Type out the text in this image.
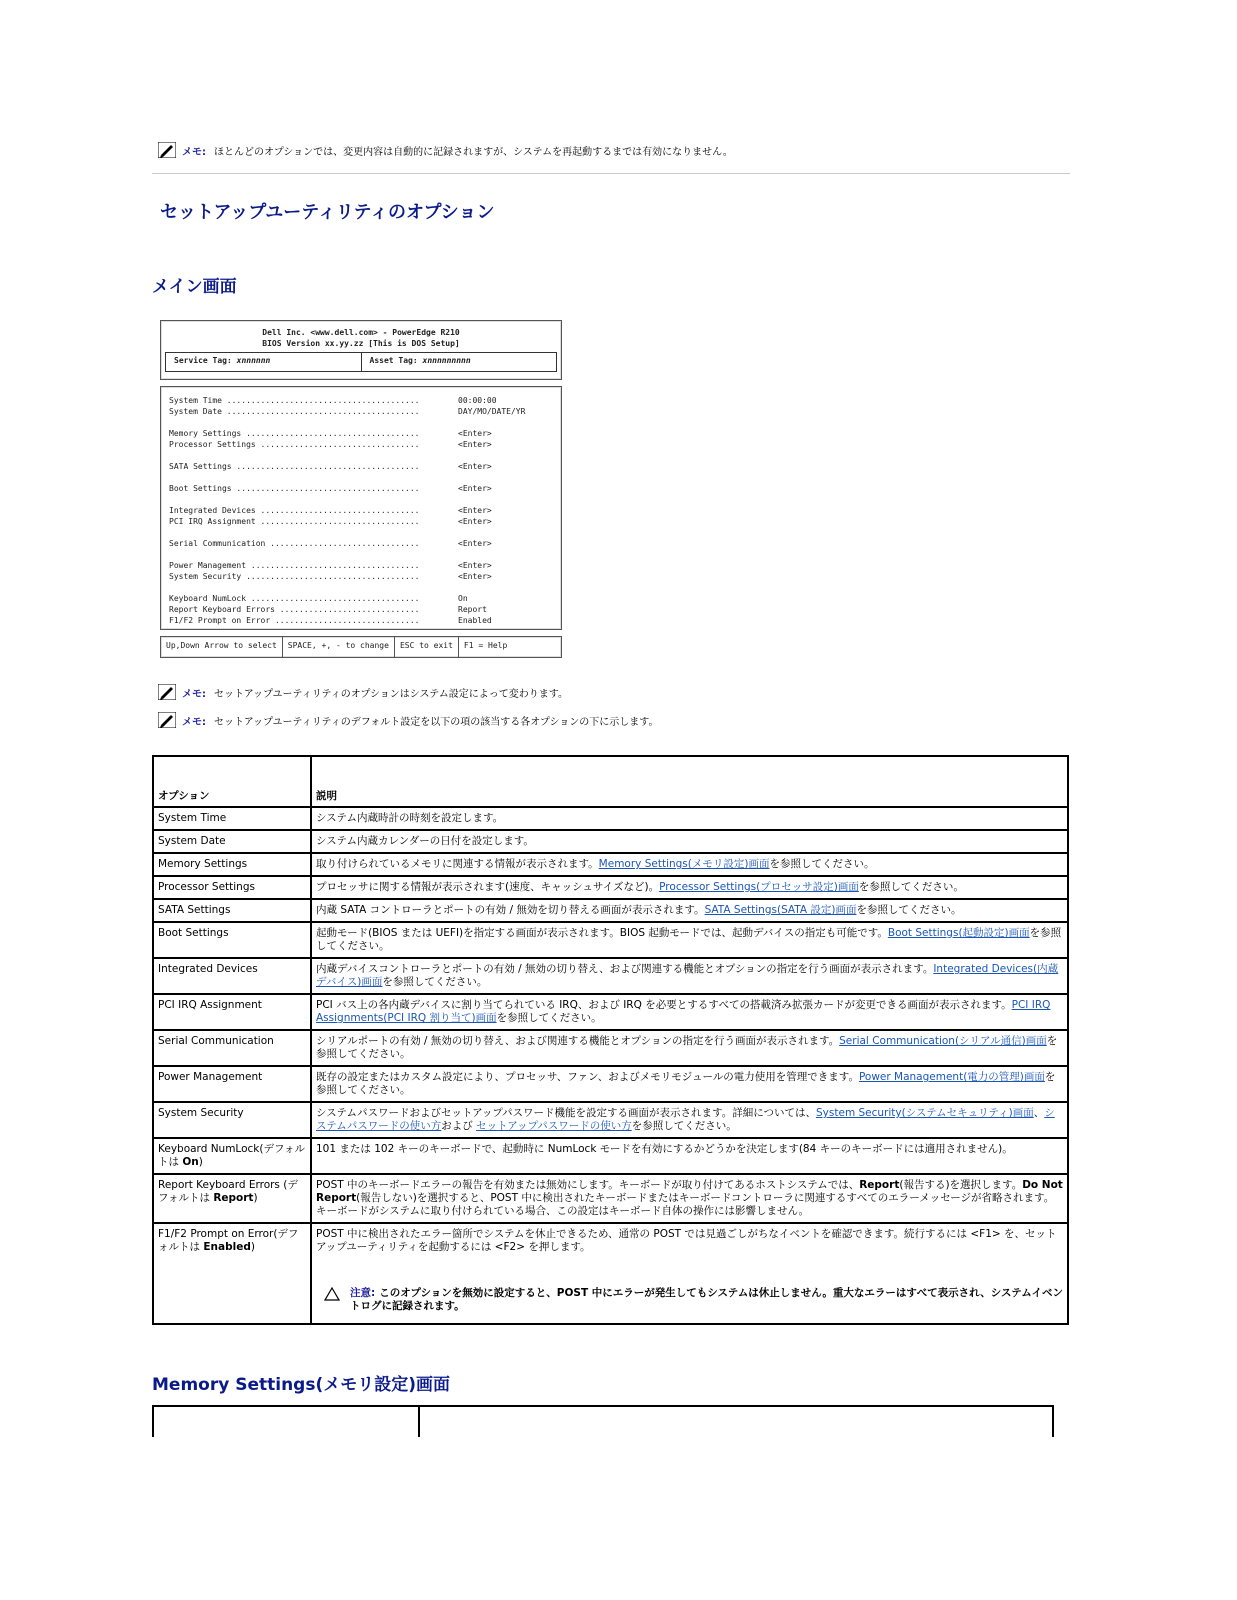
メモ: ほとんどのオプションでは、変更内容は自動的に記録されますが、システムを再起動するまでは有効になりません。
セットアップユーティリティのオプション
メイン画面
Dell Inc. <www.dell.com> - PowerEdge R210
BIOS Version xx.yy.zz [This is DOS Setup]
Service Tag: xnnnnnn	Asset Tag: xnnnnnnnnn
System Time ........................................	00:00:00
System Date ........................................	DAY/MO/DATE/YR
Memory Settings ....................................	<Enter>
Processor Settings .................................	<Enter>
SATA Settings ......................................	<Enter>
Boot Settings ......................................	<Enter>
Integrated Devices .................................	<Enter>
PCI IRQ Assignment .................................	<Enter>
Serial Communication ...............................	<Enter>
Power Management ...................................	<Enter>
System Security ....................................	<Enter>
Keyboard NumLock ...................................	On
Report Keyboard Errors .............................	Report
F1/F2 Prompt on Error ..............................	Enabled
Up,Down Arrow to select	SPACE, +, - to change	ESC to exit	F1 = Help
メモ: セットアップユーティリティのオプションはシステム設定によって変わります。
メモ: セットアップユーティリティのデフォルト設定を以下の項の該当する各オプションの下に示します。
オプション	説明
System Time	システム内蔵時計の時刻を設定します。
System Date	システム内蔵カレンダーの日付を設定します。
Memory Settings	取り付けられているメモリに関連する情報が表示されます。Memory Settings(メモリ設定)画面を参照してください。
Processor Settings	プロセッサに関する情報が表示されます(速度、キャッシュサイズなど)。Processor Settings(プロセッサ設定)画面を参照してください。
SATA Settings	内蔵 SATA コントローラとポートの有効 / 無効を切り替える画面が表示されます。SATA Settings(SATA 設定)画面を参照してください。
Boot Settings	起動モード(BIOS または UEFI)を指定する画面が表示されます。BIOS 起動モードでは、起動デバイスの指定も可能です。Boot Settings(起動設定)画面を参照してください。
Integrated Devices	内蔵デバイスコントローラとポートの有効 / 無効の切り替え、および関連する機能とオプションの指定を行う画面が表示されます。Integrated Devices(内蔵デバイス)画面を参照してください。
PCI IRQ Assignment	PCI バス上の各内蔵デバイスに割り当てられている IRQ、および IRQ を必要とするすべての搭載済み拡張カードが変更できる画面が表示されます。PCI IRQ Assignments(PCI IRQ 割り当て)画面を参照してください。
Serial Communication	シリアルポートの有効 / 無効の切り替え、および関連する機能とオプションの指定を行う画面が表示されます。Serial Communication(シリアル通信)画面を参照してください。
Power Management	既存の設定またはカスタム設定により、プロセッサ、ファン、およびメモリモジュールの電力使用を管理できます。Power Management(電力の管理)画面を参照してください。
System Security	システムパスワードおよびセットアップパスワード機能を設定する画面が表示されます。詳細については、System Security(システムセキュリティ)画面、システムパスワードの使い方および セットアップパスワードの使い方を参照してください。
Keyboard NumLock(デフォルトは On)	101 または 102 キーのキーボードで、起動時に NumLock モードを有効にするかどうかを決定します(84 キーのキーボードには適用されません)。
Report Keyboard Errors (デフォルトは Report)	POST 中のキーボードエラーの報告を有効または無効にします。キーボードが取り付けてあるホストシステムでは、Report(報告する)を選択します。Do Not Report(報告しない)を選択すると、POST 中に検出されたキーボードまたはキーボードコントローラに関連するすべてのエラーメッセージが省略されます。キーボードがシステムに取り付けられている場合、この設定はキーボード自体の操作には影響しません。
F1/F2 Prompt on Error(デフォルトは Enabled)	POST 中に検出されたエラー箇所でシステムを休止できるため、通常の POST では見過ごしがちなイベントを確認できます。続行するには <F1> を、セットアップユーティリティを起動するには <F2> を押します。
注意: このオプションを無効に設定すると、POST 中にエラーが発生してもシステムは休止しません。重大なエラーはすべて表示され、システムイベントログに記録されます。
Memory Settings(メモリ設定)画面
